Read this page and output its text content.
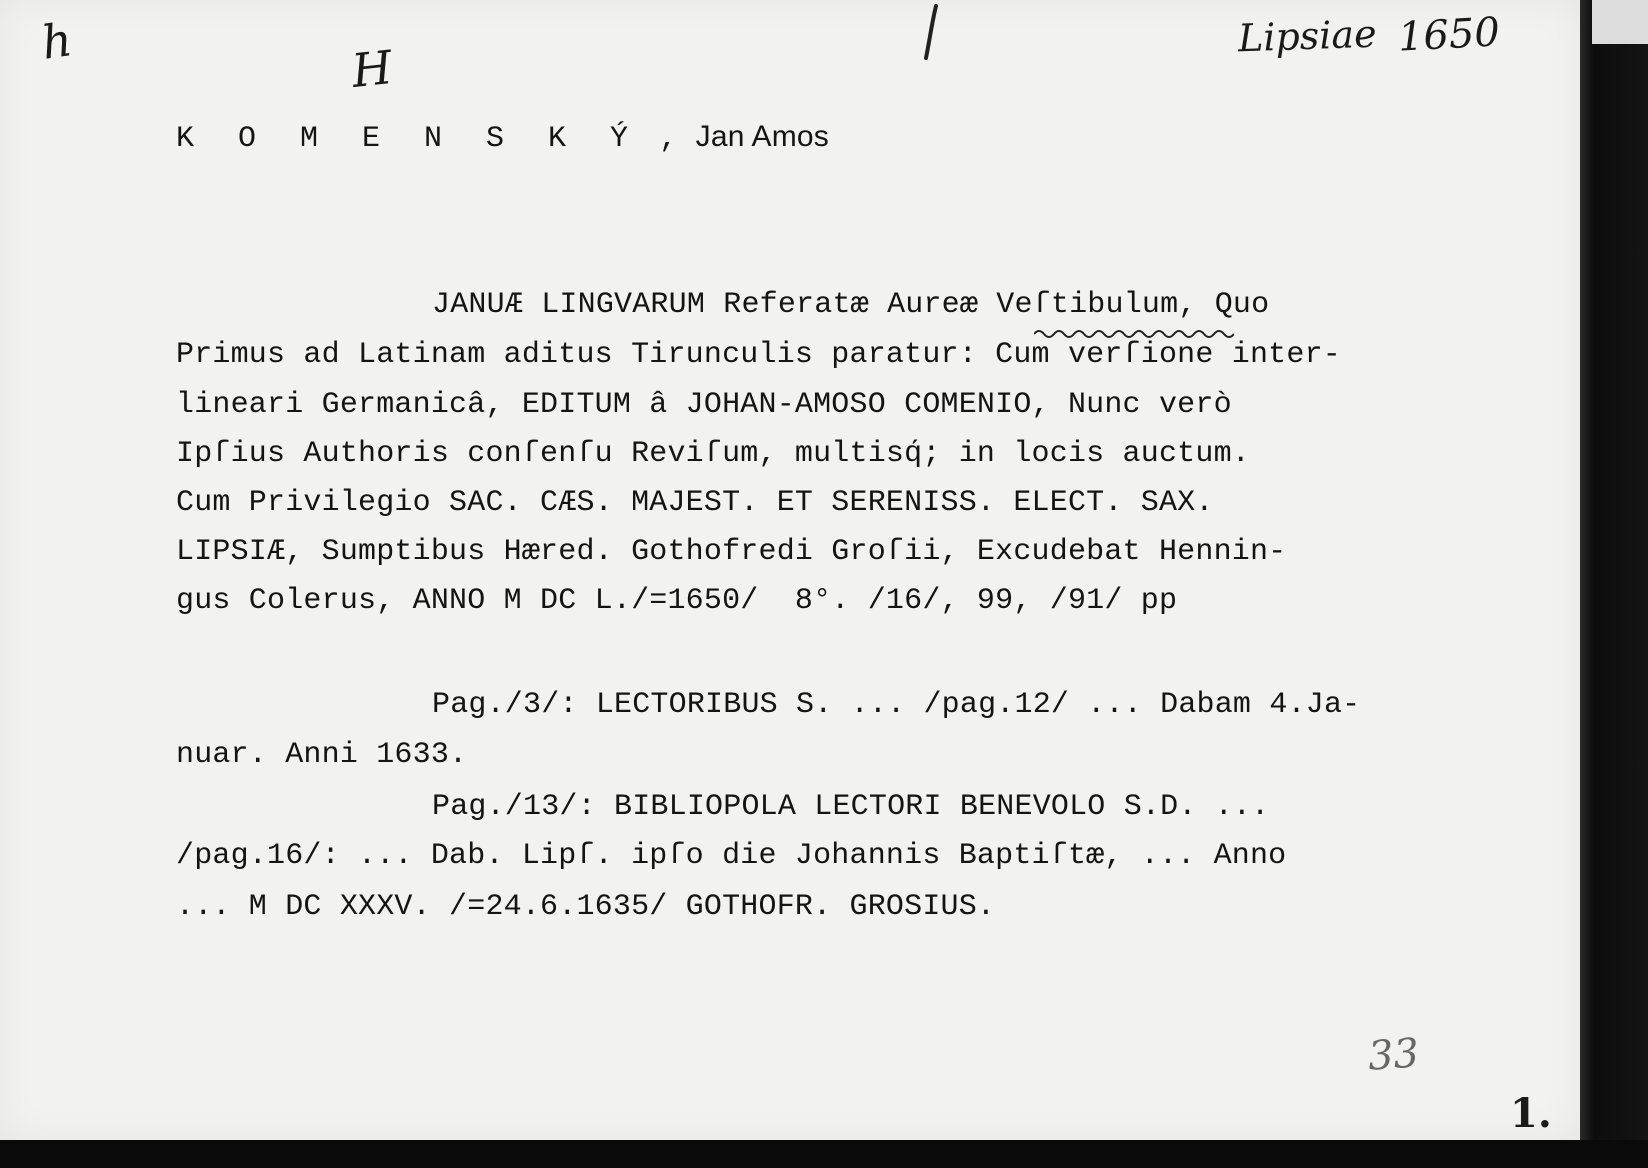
h	H
Lipsiae 1650
K O M E N S K Ý , Jan Amos
JANUÆ LINGVARUM Referatæ Aureæ Veſtibulum, Quo
Primus ad Latinam aditus Tirunculis paratur: Cum verſione inter-
lineari Germanicâ, EDITUM â JOHAN-AMOSO COMENIO, Nunc verò
Ipſius Authoris conſenſu Reviſum, multisq́; in locis auctum.
Cum Privilegio SAC. CÆS. MAJEST. ET SERENISS. ELECT. SAX.
LIPSIÆ, Sumptibus Hæred. Gothofredi Groſii, Excudebat Hennin-
gus Colerus, ANNO M DC L./=1650/  8°. /16/, 99, /91/ pp
Pag./3/: LECTORIBUS S. ... /pag.12/ ... Dabam 4.Ja-
nuar. Anni 1633.
Pag./13/: BIBLIOPOLA LECTORI BENEVOLO S.D. ...
/pag.16/: ... Dab. Lipſ. ipſo die Johannis Baptiſtæ, ... Anno
... M DC XXXV. /=24.6.1635/ GOTHOFR. GROSIUS.
33
1.
